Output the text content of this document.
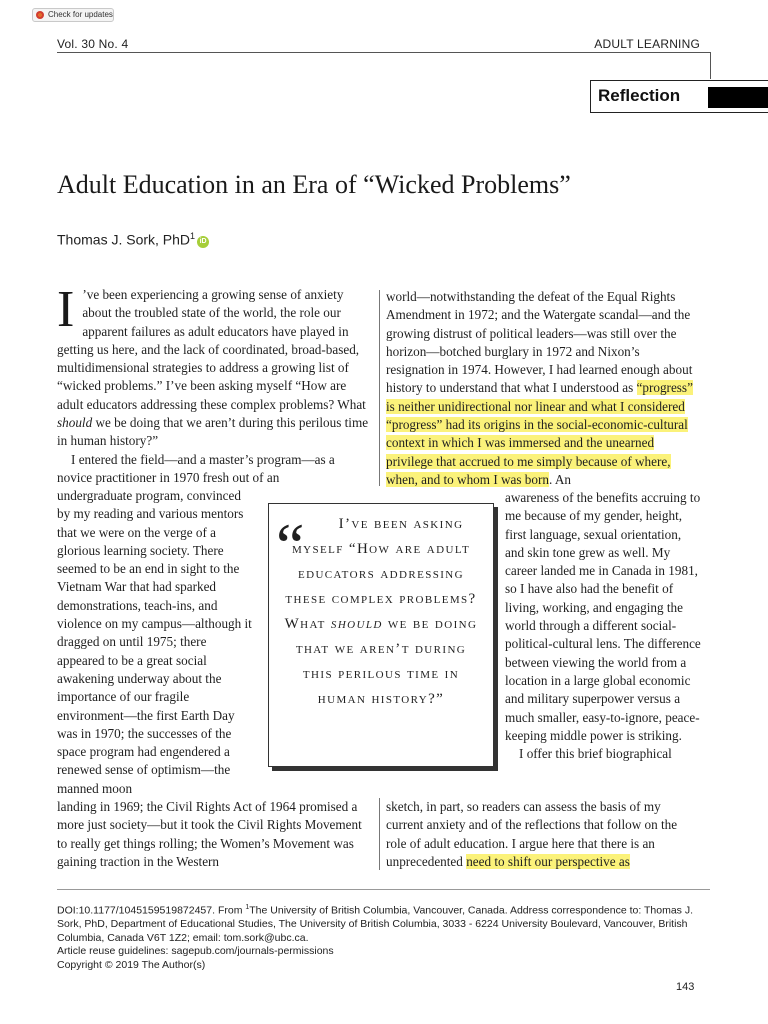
Check for updates
Vol. 30 No. 4	ADULT LEARNING
Reflection
Adult Education in an Era of “Wicked Problems”
Thomas J. Sork, PhD$^1$iD

I ’ve been experiencing a growing sense of anxiety about the troubled state of the world, the role our apparent failures as adult educators have played in getting us here, and the lack of coordinated, broad-based, multidimensional strategies to address a growing list of “wicked problems.” I’ve been asking myself “How are adult educators addressing these complex problems? What should we be doing that we aren’t during this perilous time in human history?”

I entered the field—and a master’s program—as a novice practitioner in 1970 fresh out of an

undergraduate program, convinced by my reading and various mentors that we were on the verge of a glorious learning society. There seemed to be an end in sight to the Vietnam War that had sparked demonstrations, teach-ins, and violence on my campus—although it dragged on until 1975; there appeared to be a great social awakening underway about the importance of our fragile environment—the first Earth Day was in 1970; the successes of the space program had engendered a renewed sense of optimism—the manned moon

landing in 1969; the Civil Rights Act of 1964 promised a more just society—but it took the Civil Rights Movement to really get things rolling; the Women’s Movement was gaining traction in the Western

world—notwithstanding the defeat of the Equal Rights Amendment in 1972; and the Watergate scandal—and the growing distrust of political leaders—was still over the horizon—botched burglary in 1972 and Nixon’s resignation in 1974. However, I had learned enough about history to understand that what I understood as “progress” is neither unidirectional nor linear and what I considered “progress” had its origins in the social-economic-cultural context in which I was immersed and the unearned privilege that accrued to me simply because of where, when, and to whom I was born. An

awareness of the benefits accruing to me because of my gender, height, first language, sexual orientation, and skin tone grew as well. My career landed me in Canada in 1981, so I have also had the benefit of living, working, and engaging the world through a different social-political-cultural lens. The difference between viewing the world from a location in a large global economic and military superpower versus a much smaller, easy-to-ignore, peace-keeping middle power is striking.

I offer this brief biographical

sketch, in part, so readers can assess the basis of my current anxiety and of the reflections that follow on the role of adult education. I argue here that there is an unprecedented need to shift our perspective as

“	I’ve been asking myself “How are adult educators addressing these complex problems? What should we be doing that we aren’t during this perilous time in human history?”

DOI:10.1177/1045159519872457. From $^1$The University of British Columbia, Vancouver, Canada. Address correspondence to: Thomas J. Sork, PhD, Department of Educational Studies, The University of British Columbia, 3033 - 6224 University Boulevard, Vancouver, British Columbia, Canada V6T 1Z2; email: tom.sork@ubc.ca.

Article reuse guidelines: sagepub.com/journals-permissions

Copyright © 2019 The Author(s)

143
